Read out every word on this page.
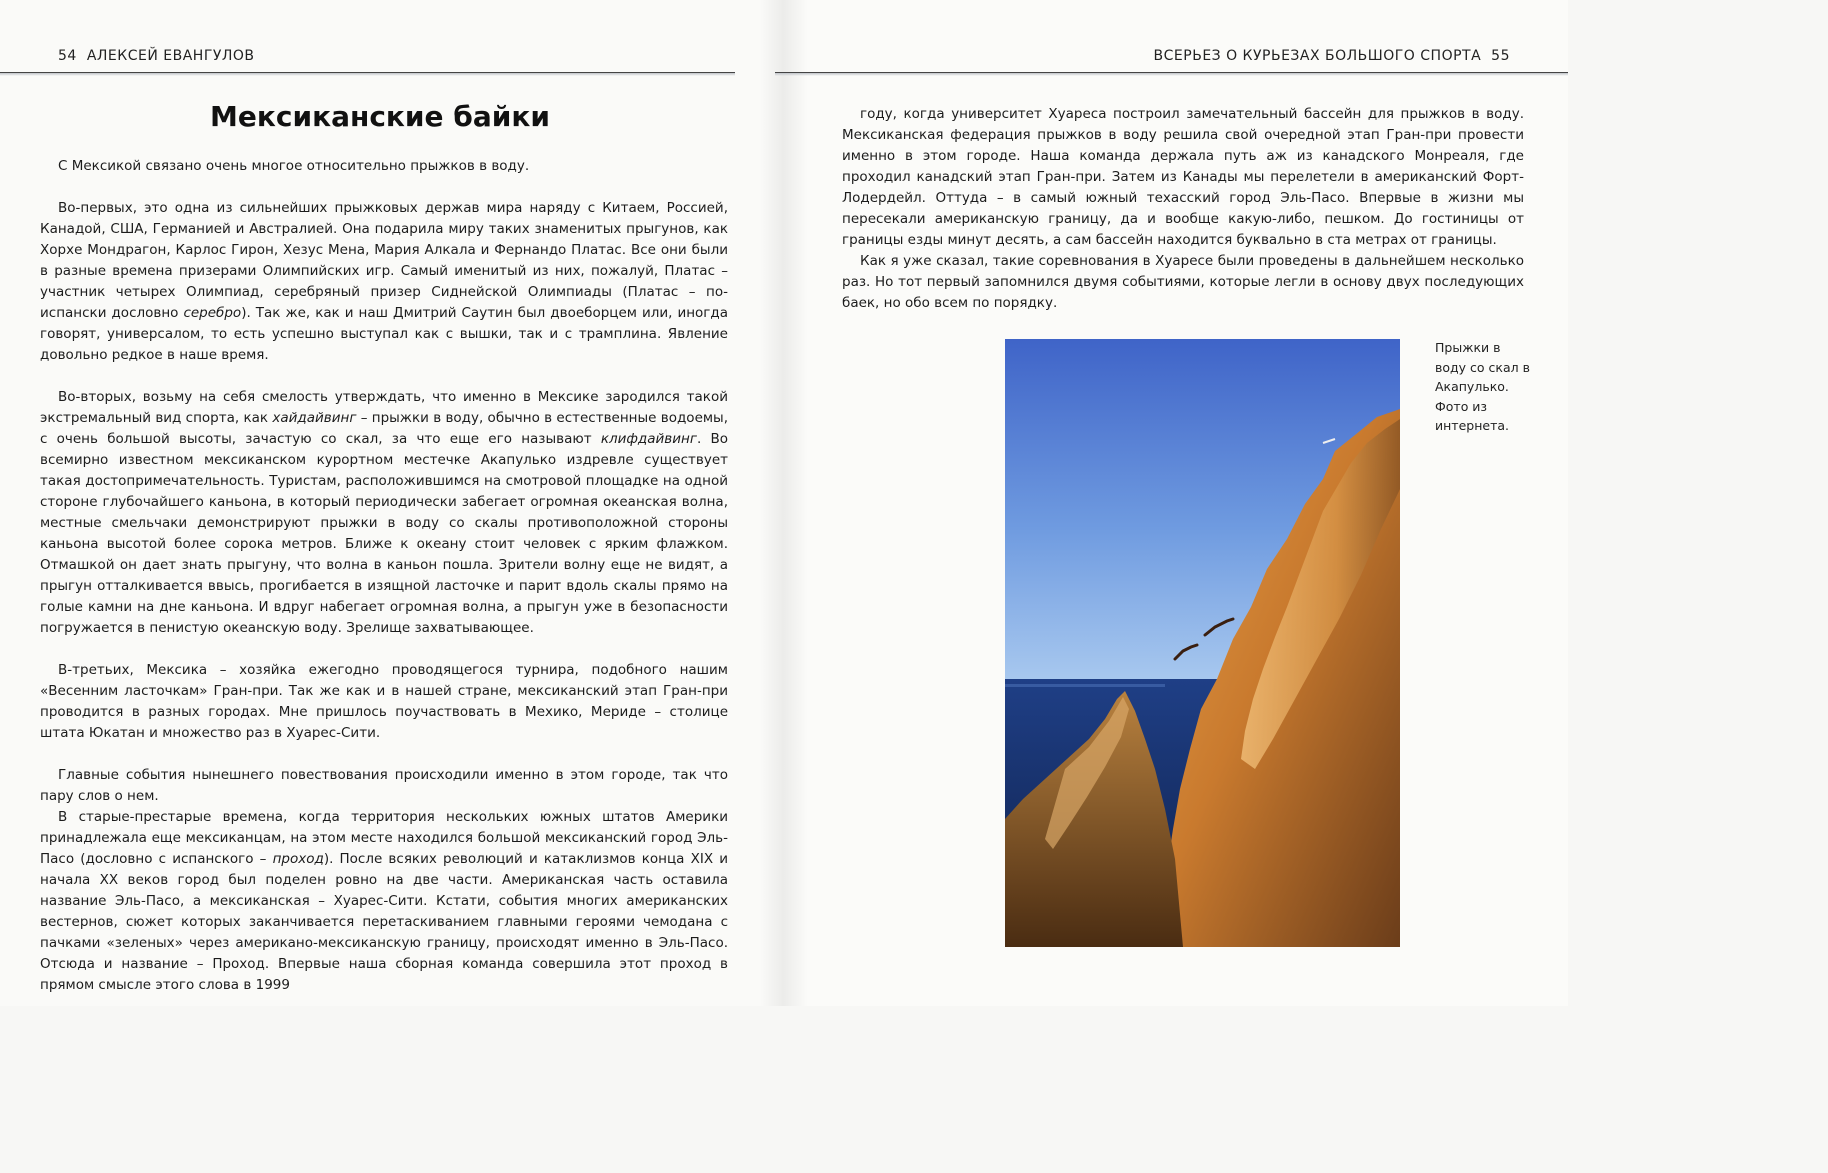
54 АЛЕКСЕЙ ЕВАНГУЛОВ	ВСЕРЬЕЗ О КУРЬЕЗАХ БОЛЬШОГО СПОРТА 55
Мексиканские байки

С Мексикой связано очень многое относительно прыжков в воду.

Во-первых, это одна из сильнейших прыжковых держав мира наряду с Китаем, Россией, Канадой, США, Германией и Австралией. Она подарила миру таких знаменитых прыгунов, как Хорхе Мондрагон, Карлос Гирон, Хезус Мена, Мария Алкала и Фернандо Платас. Все они были в разные времена призерами Олимпийских игр. Самый именитый из них, пожалуй, Платас – участник четырех Олимпиад, серебряный призер Сиднейской Олимпиады (Платас – по-испански дословно серебро). Так же, как и наш Дмитрий Саутин был двоеборцем или, иногда говорят, универсалом, то есть успешно выступал как с вышки, так и с трамплина. Явление довольно редкое в наше время.

Во-вторых, возьму на себя смелость утверждать, что именно в Мексике зародился такой экстремальный вид спорта, как хайдайвинг – прыжки в воду, обычно в естественные водоемы, с очень большой высоты, зачастую со скал, за что еще его называют клифдайвинг. Во всемирно известном мексиканском курортном местечке Акапулько издревле существует такая достопримечательность. Туристам, расположившимся на смотровой площадке на одной стороне глубочайшего каньона, в который периодически забегает огромная океанская волна, местные смельчаки демонстрируют прыжки в воду со скалы противоположной стороны каньона высотой более сорока метров. Ближе к океану стоит человек с ярким флажком. Отмашкой он дает знать прыгуну, что волна в каньон пошла. Зрители волну еще не видят, а прыгун отталкивается ввысь, прогибается в изящной ласточке и парит вдоль скалы прямо на голые камни на дне каньона. И вдруг набегает огромная волна, а прыгун уже в безопасности погружается в пенистую океанскую воду. Зрелище захватывающее.

В-третьих, Мексика – хозяйка ежегодно проводящегося турнира, подобного нашим «Весенним ласточкам» Гран-при. Так же как и в нашей стране, мексиканский этап Гран-при проводится в разных городах. Мне пришлось поучаствовать в Мехико, Мериде – столице штата Юкатан и множество раз в Хуарес-Сити.

Главные события нынешнего повествования происходили именно в этом городе, так что пару слов о нем.

В старые-престарые времена, когда территория нескольких южных штатов Америки принадлежала еще мексиканцам, на этом месте находился большой мексиканский город Эль-Пасо (дословно с испанского – проход). После всяких революций и катаклизмов конца XIX и начала XX веков город был поделен ровно на две части. Американская часть оставила название Эль-Пасо, а мексиканская – Хуарес-Сити. Кстати, события многих американских вестернов, сюжет которых заканчивается перетаскиванием главными героями чемодана с пачками «зеленых» через американо-мексиканскую границу, происходят именно в Эль-Пасо. Отсюда и название – Проход. Впервые наша сборная команда совершила этот проход в прямом смысле этого слова в 1999

году, когда университет Хуареса построил замечательный бассейн для прыжков в воду. Мексиканская федерация прыжков в воду решила свой очередной этап Гран-при провести именно в этом городе. Наша команда держала путь аж из канадского Монреаля, где проходил канадский этап Гран-при. Затем из Канады мы перелетели в американский Форт-Лодердейл. Оттуда – в самый южный техасский город Эль-Пасо. Впервые в жизни мы пересекали американскую границу, да и вообще какую-либо, пешком. До гостиницы от границы езды минут десять, а сам бассейн находится буквально в ста метрах от границы.

Как я уже сказал, такие соревнования в Хуаресе были проведены в дальнейшем несколько раз. Но тот первый запомнился двумя событиями, которые легли в основу двух последующих баек, но обо всем по порядку.

Прыжки в воду со скал в Акапулько. Фото из интернета.
